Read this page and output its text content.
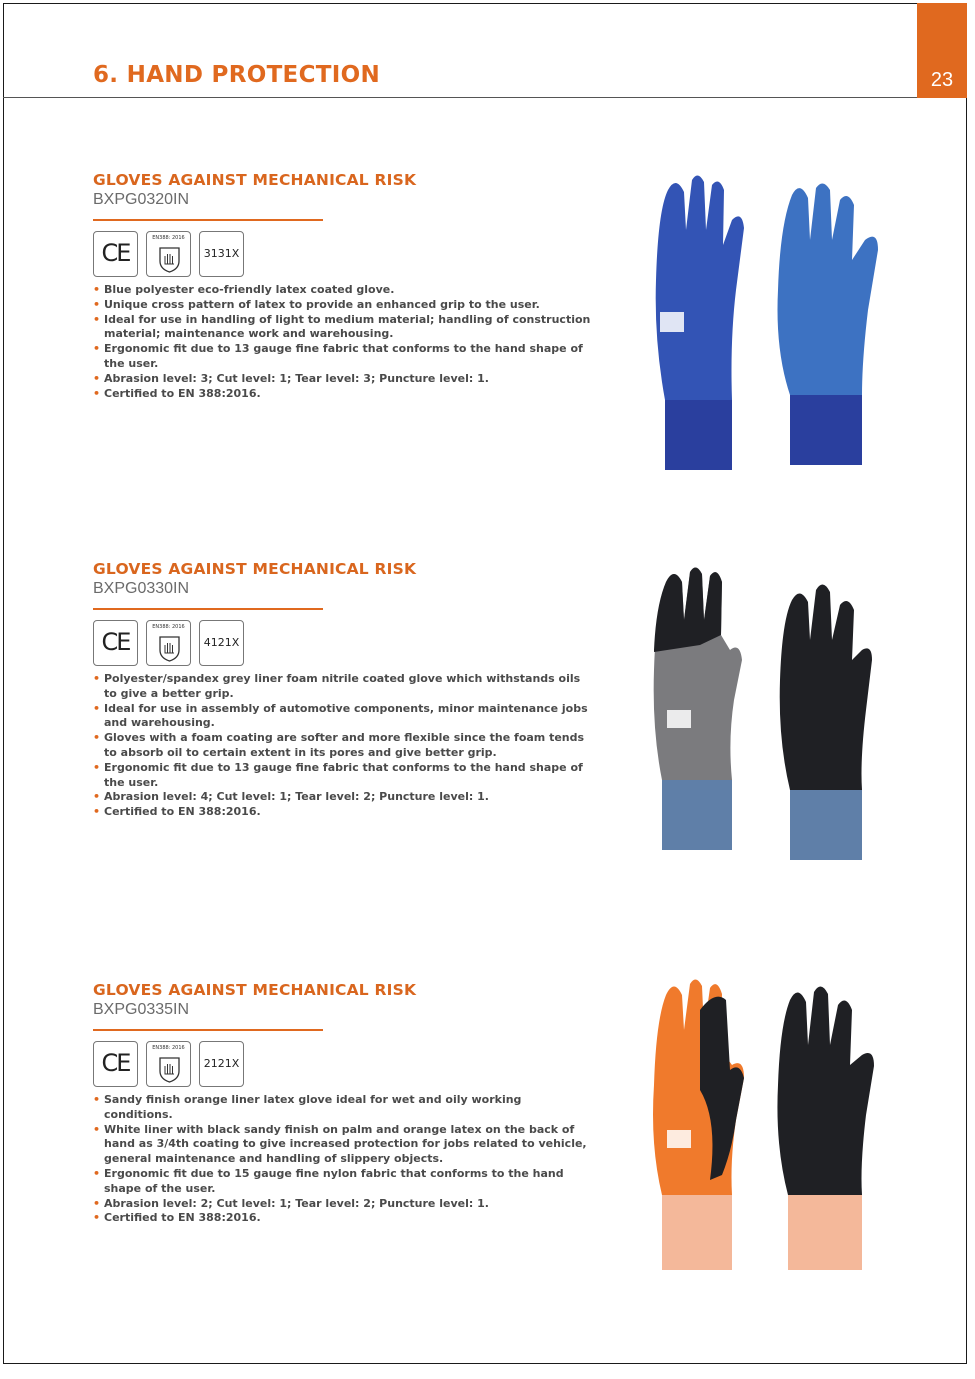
6. HAND PROTECTION	23
GLOVES AGAINST MECHANICAL RISK
BXPG0320IN
CE
EN388: 2016
3131X
• Blue polyester eco-friendly latex coated glove.
• Unique cross pattern of latex to provide an enhanced grip to the user.
• Ideal for use in handling of light to medium material; handling of construction material; maintenance work and warehousing.
• Ergonomic fit due to 13 gauge fine fabric that conforms to the hand shape of the user.
• Abrasion level: 3; Cut level: 1; Tear level: 3; Puncture level: 1.
• Certified to EN 388:2016.
GLOVES AGAINST MECHANICAL RISK
BXPG0330IN
CE
EN388: 2016
4121X
• Polyester/spandex grey liner foam nitrile coated glove which withstands oils to give a better grip.
• Ideal for use in assembly of automotive components, minor maintenance jobs and warehousing.
• Gloves with a foam coating are softer and more flexible since the foam tends to absorb oil to certain extent in its pores and give better grip.
• Ergonomic fit due to 13 gauge fine fabric that conforms to the hand shape of the user.
• Abrasion level: 4; Cut level: 1; Tear level: 2; Puncture level: 1.
• Certified to EN 388:2016.
GLOVES AGAINST MECHANICAL RISK
BXPG0335IN
CE
EN388: 2016
2121X
• Sandy finish orange liner latex glove ideal for wet and oily working conditions.
• White liner with black sandy finish on palm and orange latex on the back of hand as 3/4th coating to give increased protection for jobs related to vehicle, general maintenance and handling of slippery objects.
• Ergonomic fit due to 15 gauge fine nylon fabric that conforms to the hand shape of the user.
• Abrasion level: 2; Cut level: 1; Tear level: 2; Puncture level: 1.
• Certified to EN 388:2016.
